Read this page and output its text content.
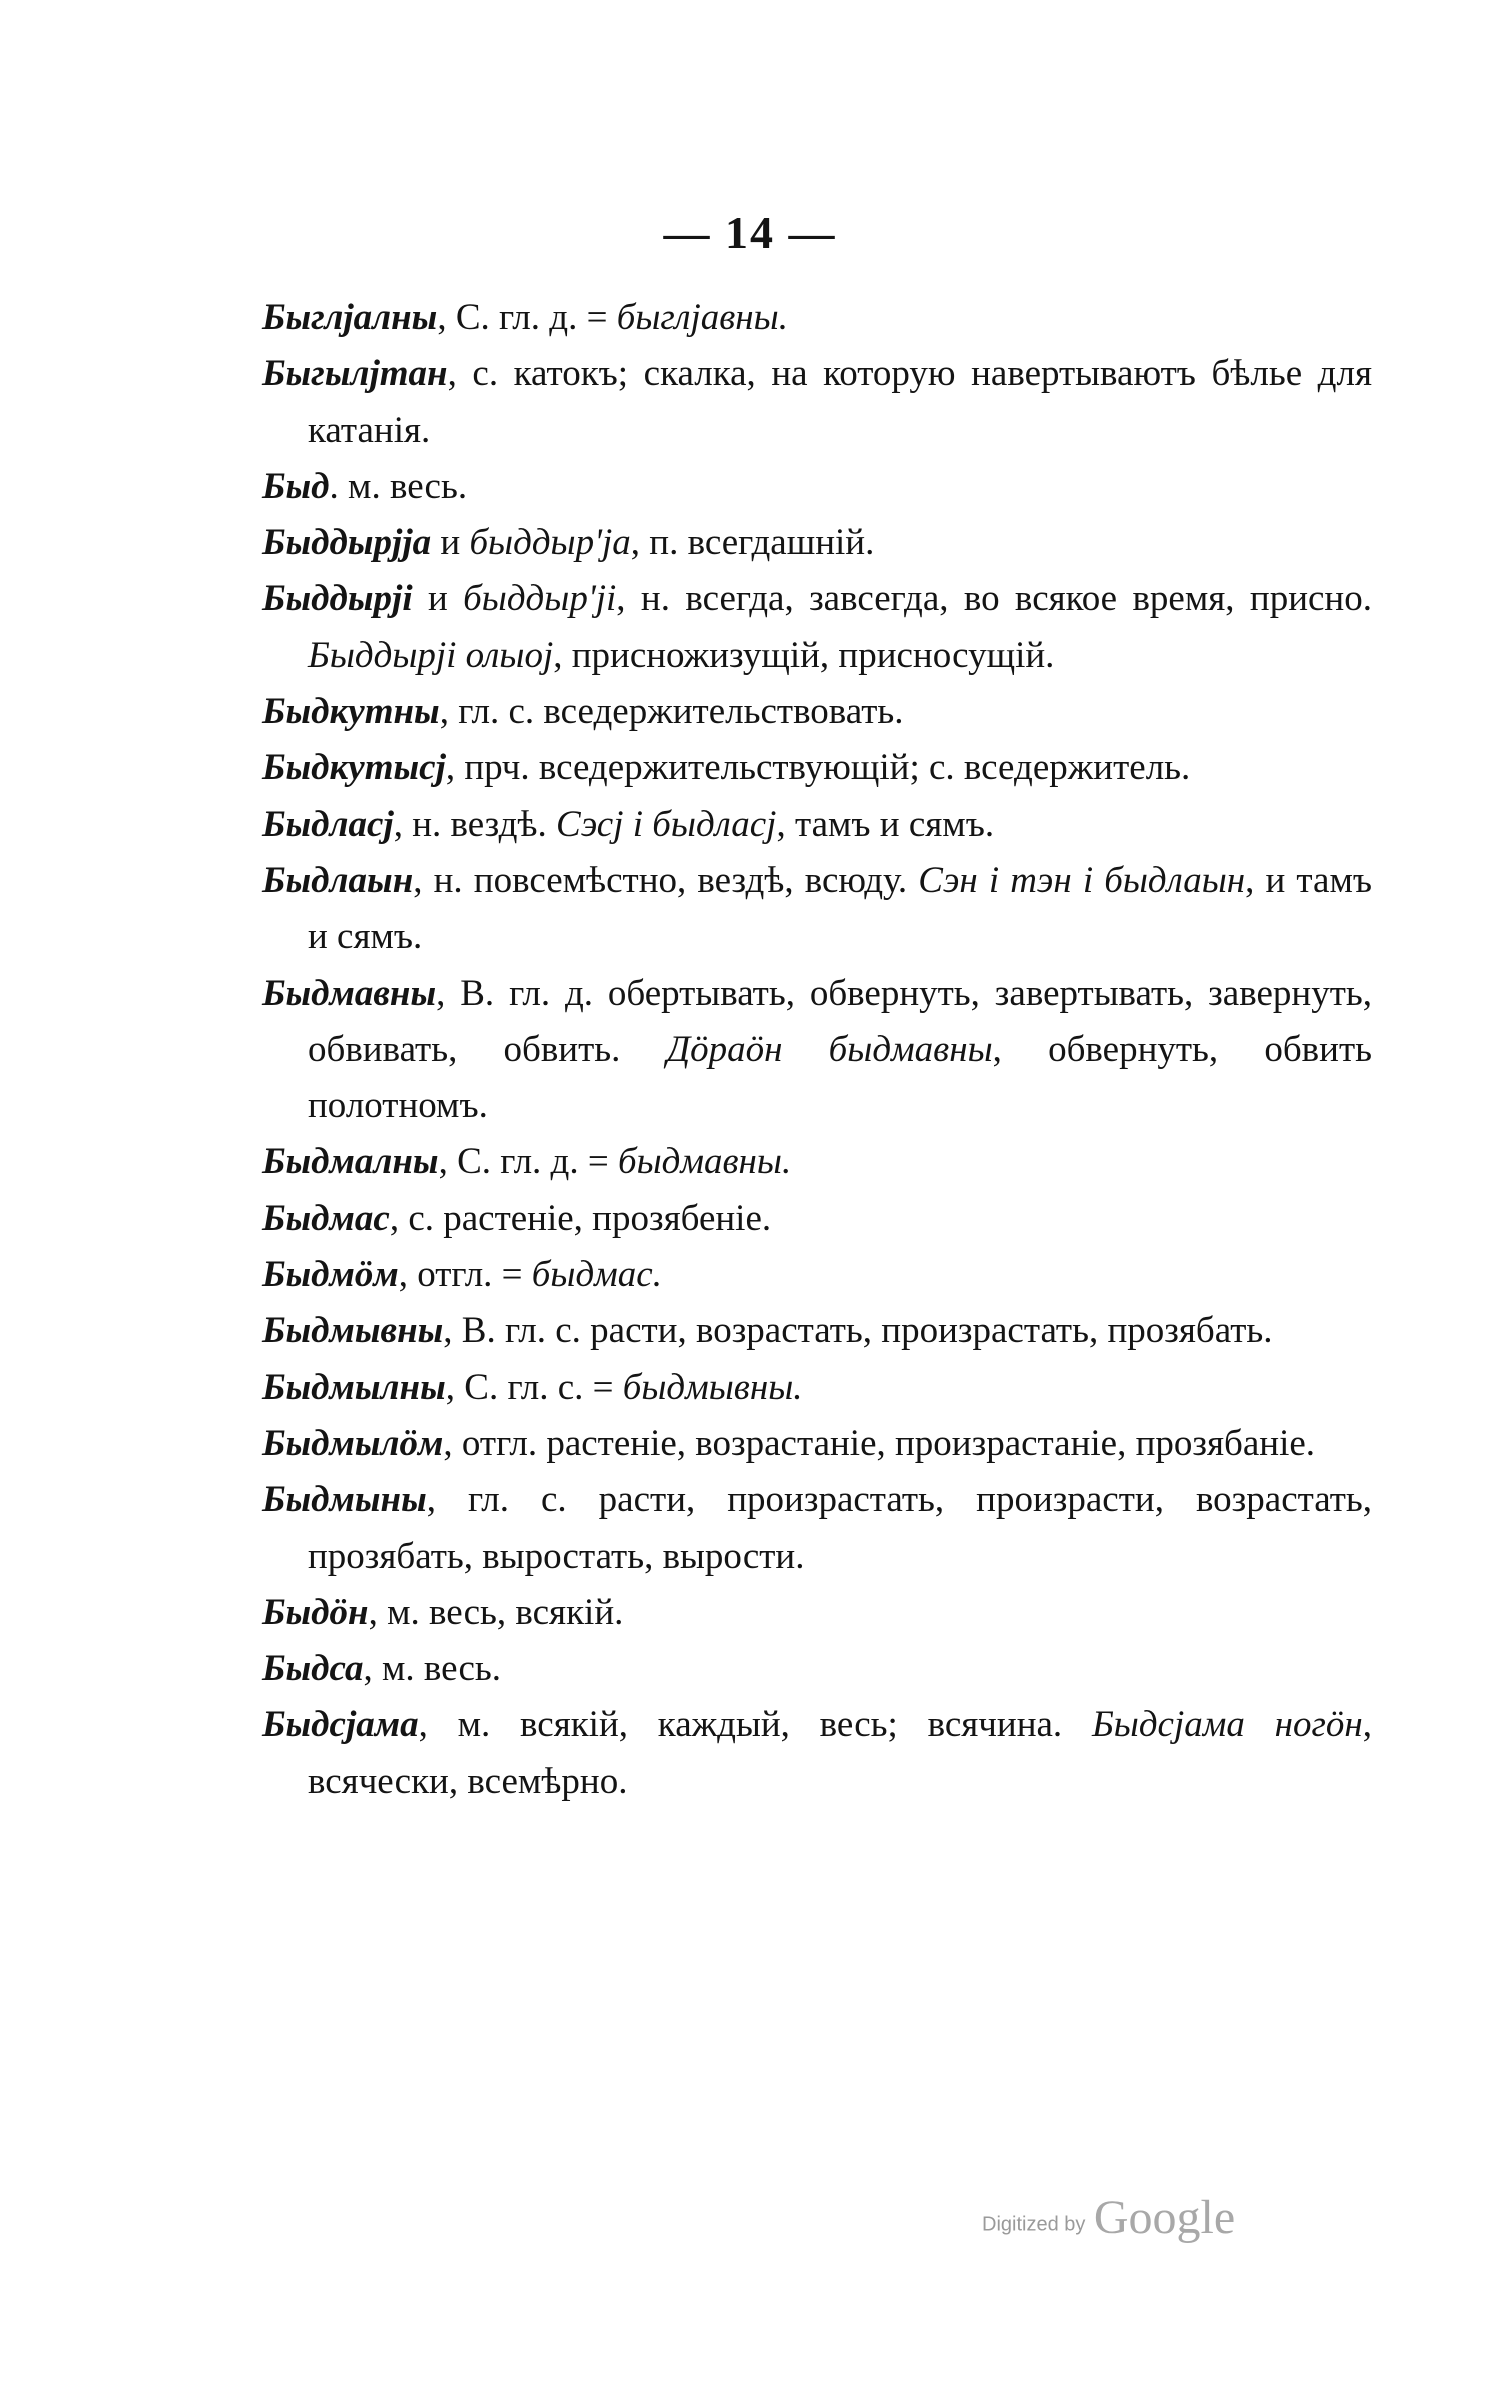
— 14 —
Быглјалны, С. гл. д. = быглјавны.
Быгылјтан, с. катокъ; скалка, на которую навертываютъ бѣлье для катанія.
Быд. м. весь.
Быддырјја и быддыр'ја, п. всегдашній.
Быддырјі и быддыр'јі, н. всегда, завсегда, во всякое время, присно. Быддырјі олыој, присножизущій, присносущій.
Быдкутны, гл. с. вседержительствовать.
Быдкутысј, прч. вседержительствующій; с. вседержитель.
Быдласј, н. вездѣ. Сэсј і быдласј, тамъ и сямъ.
Быдлаын, н. повсемѣстно, вездѣ, всюду. Сэн і тэн і быдлаын, и тамъ и сямъ.
Быдмавны, В. гл. д. обертывать, обвернуть, завертывать, завернуть, обвивать, обвить. Дöраöн быдмавны, обвернуть, обвить полотномъ.
Быдмалны, С. гл. д. = быдмавны.
Быдмас, с. растеніе, прозябеніе.
Быдмöм, отгл. = быдмас.
Быдмывны, В. гл. с. расти, возрастать, произрастать, прозябать.
Быдмылны, С. гл. с. = быдмывны.
Быдмылöм, отгл. растеніе, возрастаніе, произрастаніе, прозябаніе.
Быдмыны, гл. с. расти, произрастать, произрасти, возрастать, прозябать, выростать, вырости.
Быдöн, м. весь, всякій.
Быдса, м. весь.
Быдсјама, м. всякій, каждый, весь; всячина. Быдсјама ногöн, всячески, всемѣрно.
Digitized by Google
